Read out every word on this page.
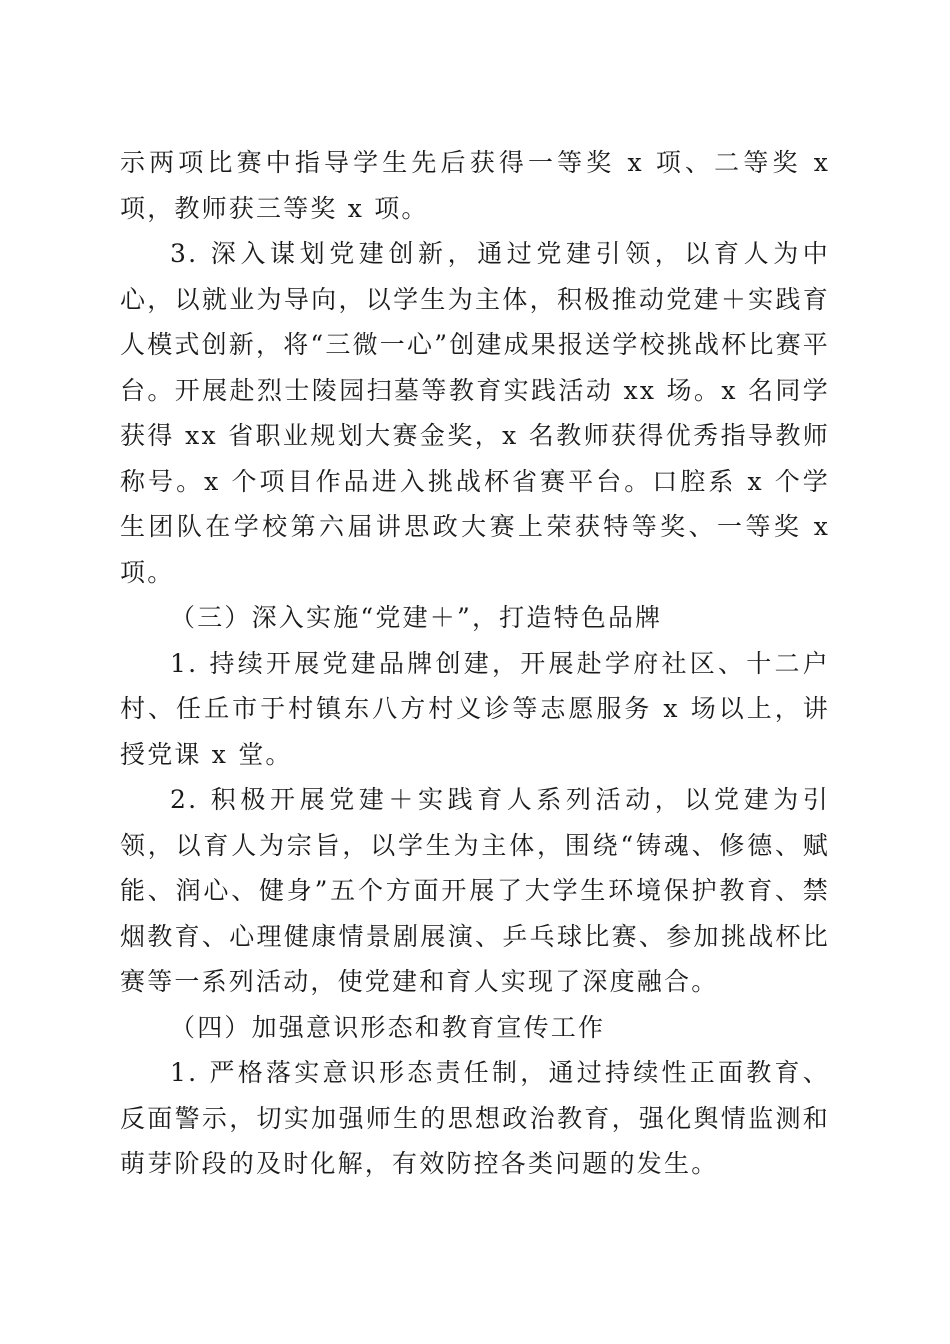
示两项比赛中指导学生先后获得一等奖 x 项、二等奖 x 项，教师获三等奖 x 项。

3. 深入谋划党建创新，通过党建引领，以育人为中心，以就业为导向，以学生为主体，积极推动党建＋实践育人模式创新，将“三微一心”创建成果报送学校挑战杯比赛平台。开展赴烈士陵园扫墓等教育实践活动 xx 场。x 名同学获得 xx 省职业规划大赛金奖，x 名教师获得优秀指导教师称号。x 个项目作品进入挑战杯省赛平台。口腔系 x 个学生团队在学校第六届讲思政大赛上荣获特等奖、一等奖 x 项。

（三）深入实施“党建＋”，打造特色品牌

1. 持续开展党建品牌创建，开展赴学府社区、十二户村、任丘市于村镇东八方村义诊等志愿服务 x 场以上，讲授党课 x 堂。

2. 积极开展党建＋实践育人系列活动，以党建为引领，以育人为宗旨，以学生为主体，围绕“铸魂、修德、赋能、润心、健身”五个方面开展了大学生环境保护教育、禁烟教育、心理健康情景剧展演、乒乓球比赛、参加挑战杯比赛等一系列活动，使党建和育人实现了深度融合。

（四）加强意识形态和教育宣传工作

1. 严格落实意识形态责任制，通过持续性正面教育、反面警示，切实加强师生的思想政治教育，强化舆情监测和萌芽阶段的及时化解，有效防控各类问题的发生。
